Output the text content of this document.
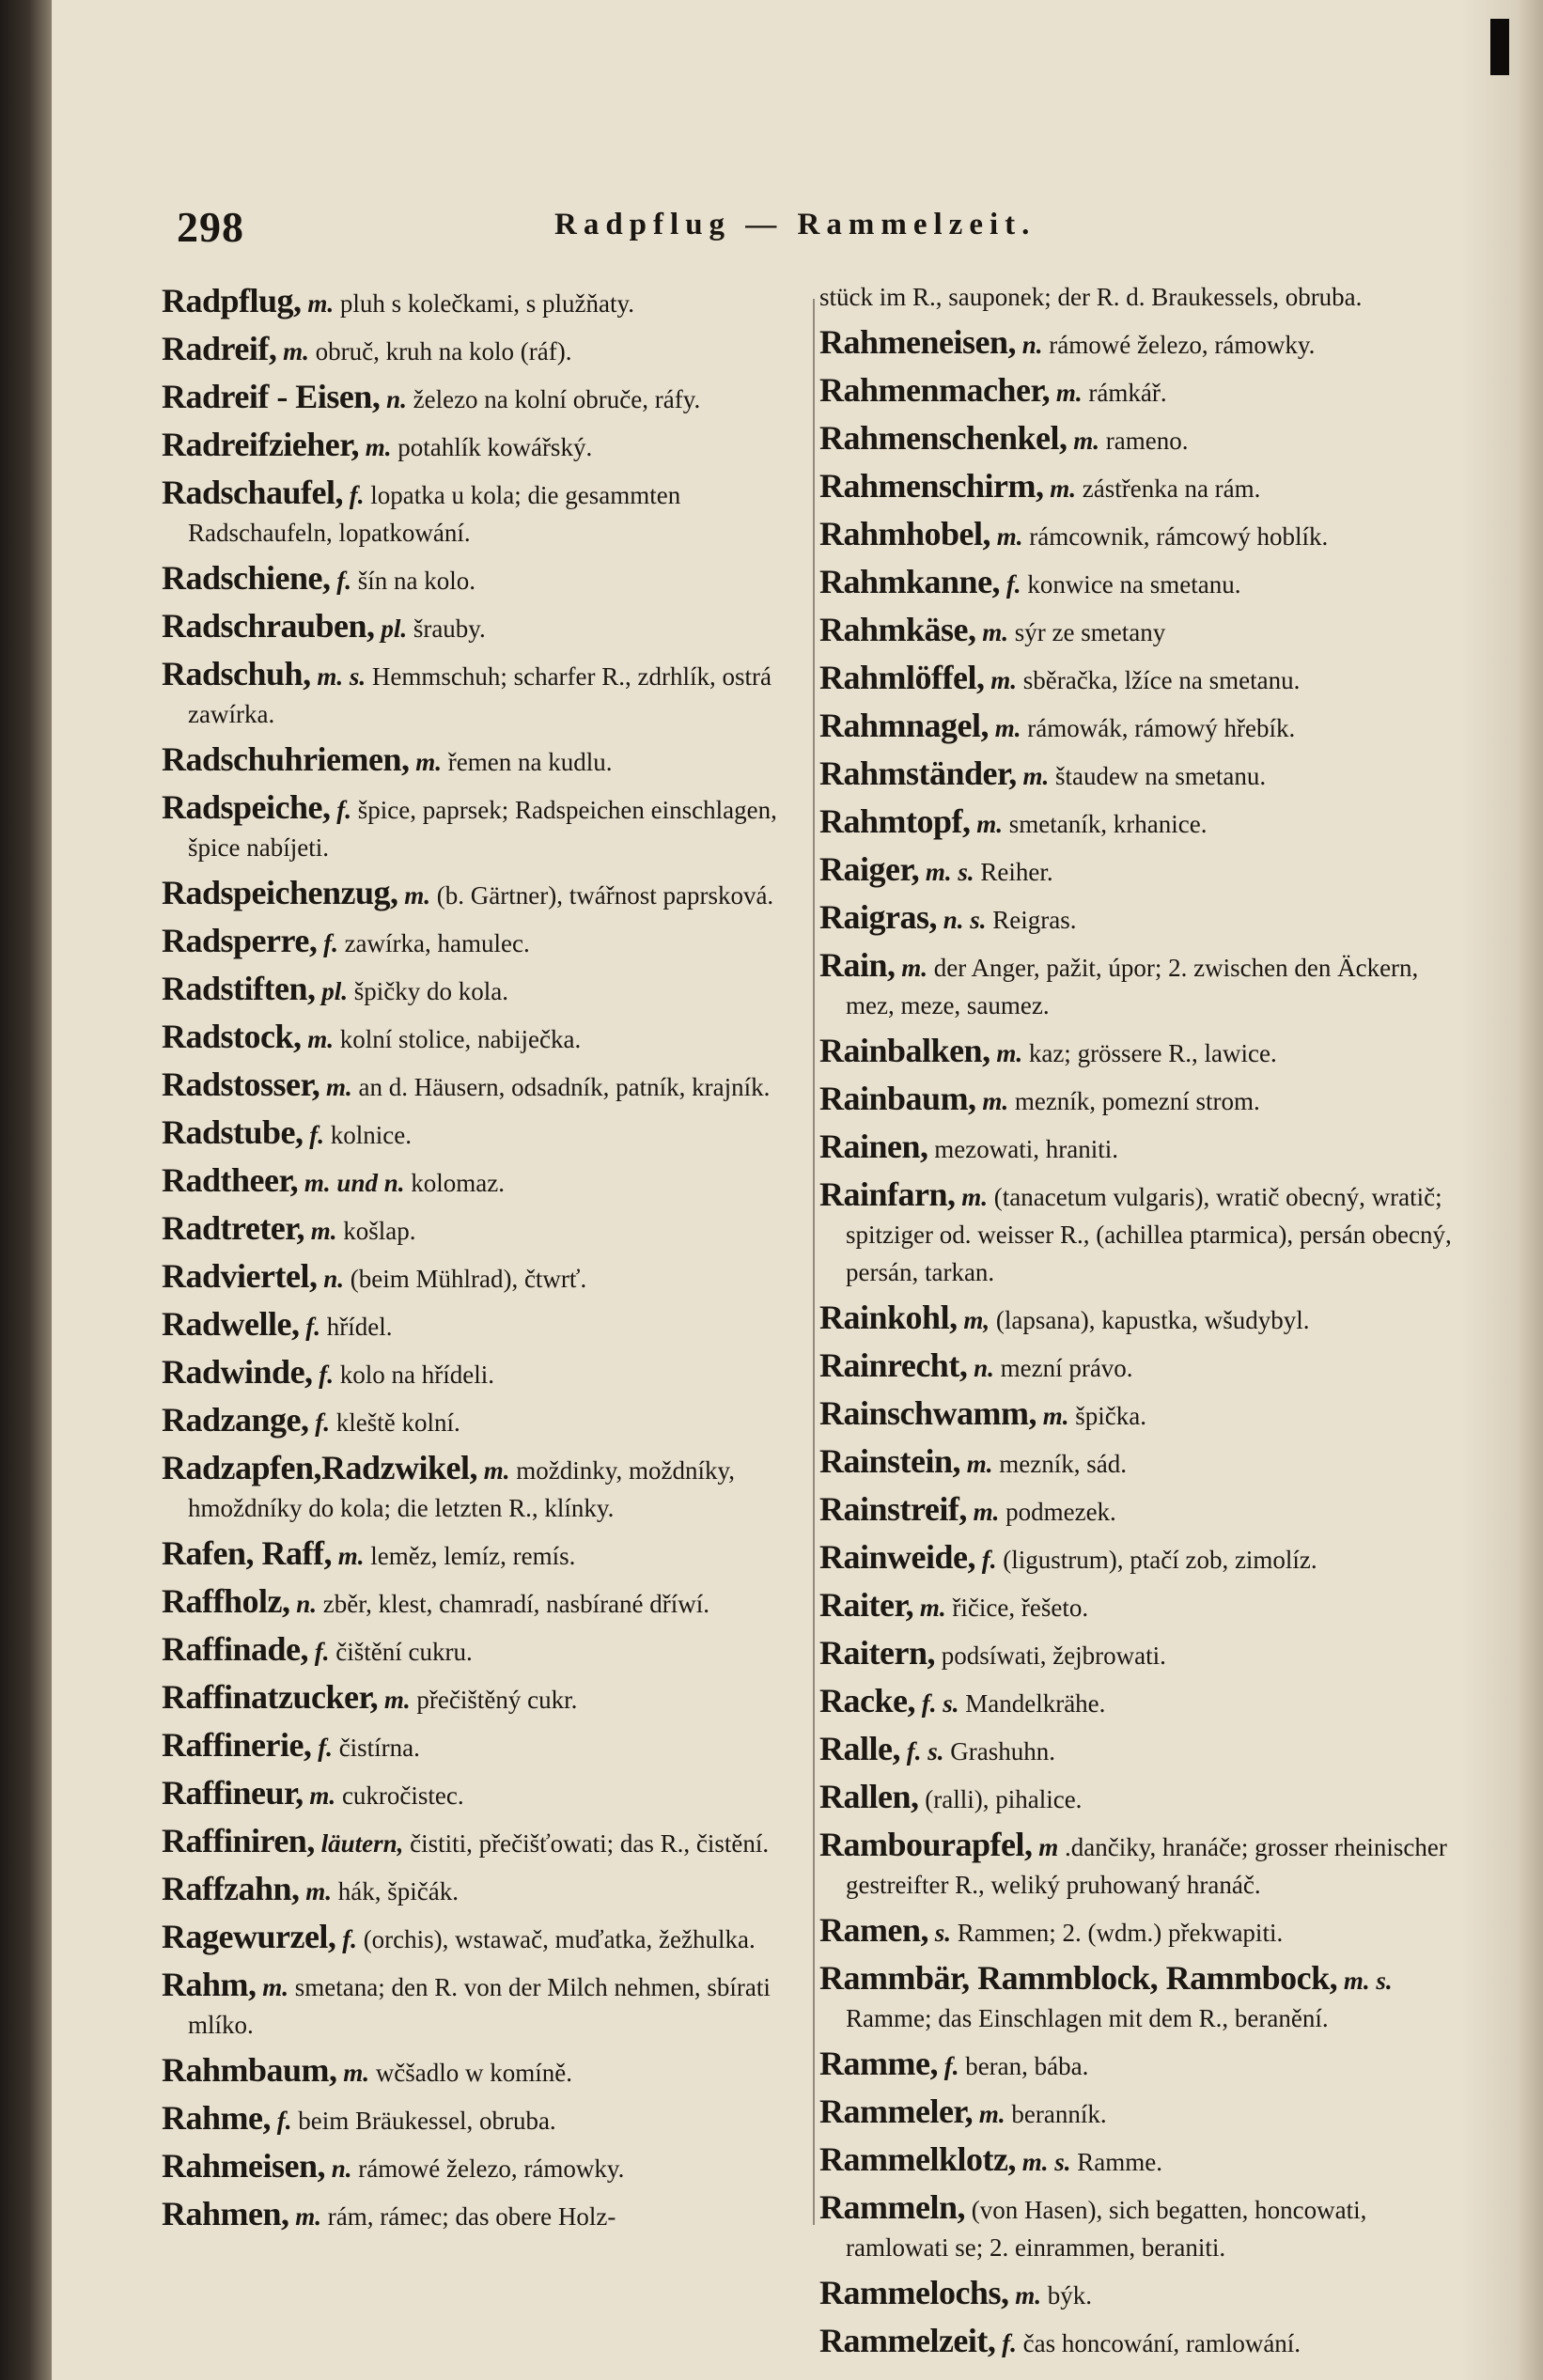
298	Radpflug — Rammelzeit.
Radpflug, m. pluh s kolečkami, s plužňaty.
Radreif, m. obruč, kruh na kolo (ráf).
Radreif - Eisen, n. železo na kolní obruče, ráfy.
Radreifzieher, m. potahlík kowářský.
Radschaufel, f. lopatka u kola; die gesammten Radschaufeln, lopatkowání.
Radschiene, f. šín na kolo.
Radschrauben, pl. šrauby.
Radschuh, m. s. Hemmschuh; scharfer R., zdrhlík, ostrá zawírka.
Radschuhriemen, m. řemen na kudlu.
Radspeiche, f. špice, paprsek; Radspeichen einschlagen, špice nabíjeti.
Radspeichenzug, m. (b. Gärtner), twářnost paprsková.
Radsperre, f. zawírka, hamulec.
Radstiften, pl. špičky do kola.
Radstock, m. kolní stolice, nabiječka.
Radstosser, m. an d. Häusern, odsadník, patník, krajník.
Radstube, f. kolnice.
Radtheer, m. und n. kolomaz.
Radtreter, m. košlap.
Radviertel, n. (beim Mühlrad), čtwrť.
Radwelle, f. hřídel.
Radwinde, f. kolo na hřídeli.
Radzange, f. kleště kolní.
Radzapfen,Radzwikel, m. moždinky, moždníky, hmoždníky do kola; die letzten R., klínky.
Rafen, Raff, m. leměz, lemíz, remís.
Raffholz, n. zběr, klest, chamradí, nasbírané dříwí.
Raffinade, f. čištění cukru.
Raffinatzucker, m. přečištěný cukr.
Raffinerie, f. čistírna.
Raffineur, m. cukročistec.
Raffiniren, läutern, čistiti, přečišťowati; das R., čistění.
Raffzahn, m. hák, špičák.
Ragewurzel, f. (orchis), wstawač, muďatka, žežhulka.
Rahm, m. smetana; den R. von der Milch nehmen, sbírati mlíko.
Rahmbaum, m. wčšadlo w komíně.
Rahme, f. beim Bräukessel, obruba.
Rahmeisen, n. rámowé železo, rámowky.
Rahmen, m. rám, rámec; das obere Holz-
stück im R., sauponek; der R. d. Braukessels, obruba.
Rahmeneisen, n. rámowé železo, rámowky.
Rahmenmacher, m. rámkář.
Rahmenschenkel, m. rameno.
Rahmenschirm, m. zástřenka na rám.
Rahmhobel, m. rámcownik, rámcowý hoblík.
Rahmkanne, f. konwice na smetanu.
Rahmkäse, m. sýr ze smetany
Rahmlöffel, m. sběračka, lžíce na smetanu.
Rahmnagel, m. rámowák, rámowý hřebík.
Rahmständer, m. štaudew na smetanu.
Rahmtopf, m. smetaník, krhanice.
Raiger, m. s. Reiher.
Raigras, n. s. Reigras.
Rain, m. der Anger, pažit, úpor; 2. zwischen den Äckern, mez, meze, saumez.
Rainbalken, m. kaz; grössere R., lawice.
Rainbaum, m. mezník, pomezní strom.
Rainen, mezowati, hraniti.
Rainfarn, m. (tanacetum vulgaris), wratič obecný, wratič; spitziger od. weisser R., (achillea ptarmica), persán obecný, persán, tarkan.
Rainkohl, m, (lapsana), kapustka, wšudybyl.
Rainrecht, n. mezní právo.
Rainschwamm, m. špička.
Rainstein, m. mezník, sád.
Rainstreif, m. podmezek.
Rainweide, f. (ligustrum), ptačí zob, zimolíz.
Raiter, m. řičice, řešeto.
Raitern, podsíwati, žejbrowati.
Racke, f. s. Mandelkrähe.
Ralle, f. s. Grashuhn.
Rallen, (ralli), pihalice.
Rambourapfel, m .dančiky, hranáče; grosser rheinischer gestreifter R., weliký pruhowaný hranáč.
Ramen, s. Rammen; 2. (wdm.) překwapiti.
Rammbär, Rammblock, Rammbock, m. s. Ramme; das Einschlagen mit dem R., beranění.
Ramme, f. beran, bába.
Rammeler, m. beranník.
Rammelklotz, m. s. Ramme.
Rammeln, (von Hasen), sich begatten, honcowati, ramlowati se; 2. einrammen, beraniti.
Rammelochs, m. býk.
Rammelzeit, f. čas honcowání, ramlowání.
